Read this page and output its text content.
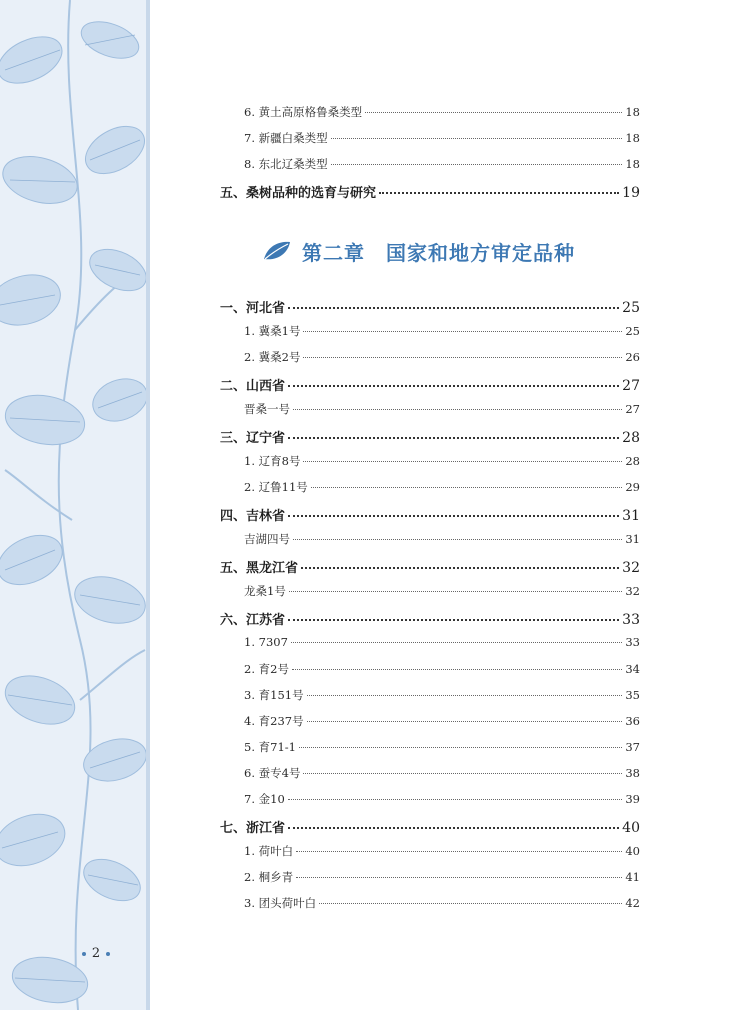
2
第二章　国家和地方审定品种
6. 黄土高原格鲁桑类型	18
7. 新疆白桑类型	18
8. 东北辽桑类型	18
五、桑树品种的选育与研究	19
一、河北省	25
1. 冀桑1号	25
2. 冀桑2号	26
二、山西省	27
晋桑一号	27
三、辽宁省	28
1. 辽育8号	28
2. 辽鲁11号	29
四、吉林省	31
吉湖四号	31
五、黑龙江省	32
龙桑1号	32
六、江苏省	33
1. 7307	33
2. 育2号	34
3. 育151号	35
4. 育237号	36
5. 育71-1	37
6. 蚕专4号	38
7. 金10	39
七、浙江省	40
1. 荷叶白	40
2. 桐乡青	41
3. 团头荷叶白	42
